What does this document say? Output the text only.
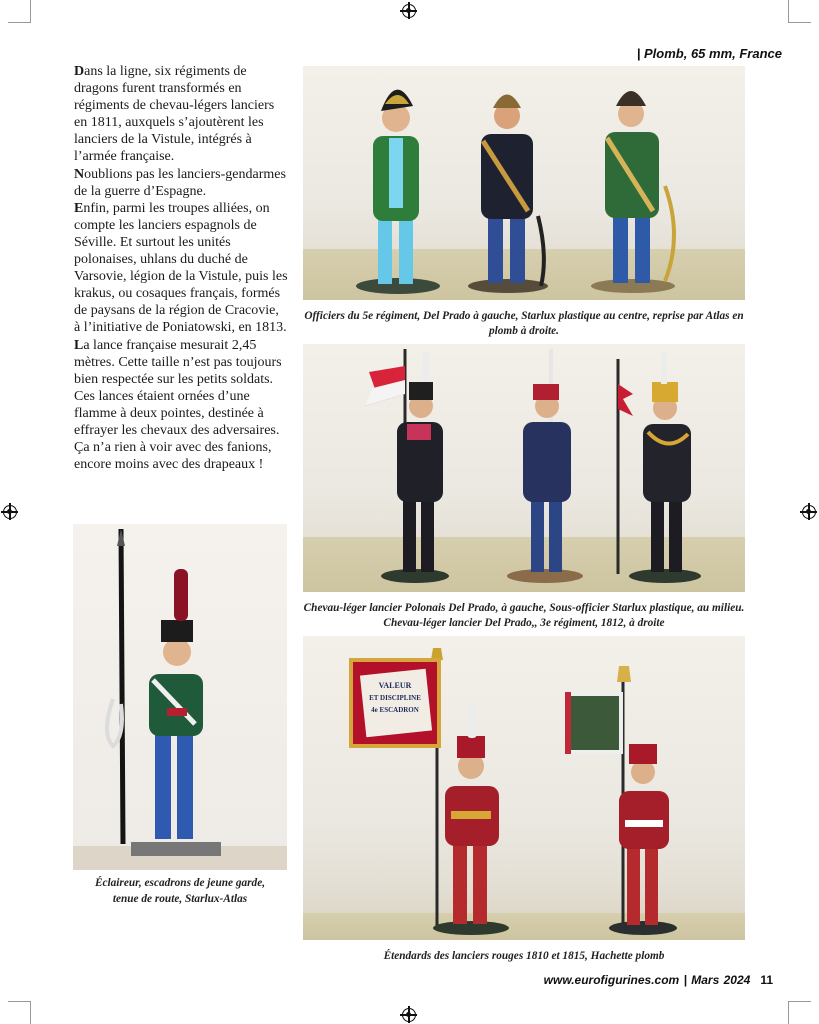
| Plomb, 65 mm, France

Dans la ligne, six régiments de dragons furent transformés en régiments de chevau-légers lanciers en 1811, auxquels s’ajoutèrent les lanciers de la Vistule, intégrés à l’armée française.

Noublions pas les lanciers-gendarmes de la guerre d’Espagne.

Enfin, parmi les troupes alliées, on compte les lanciers espagnols de Séville. Et surtout les unités polonaises, uhlans du duché de Varsovie, légion de la Vistule, puis les krakus, ou cosaques français, formés de paysans de la région de Cracovie, à l’initiative de Poniatowski, en 1813.

La lance française mesurait 2,45 mètres. Cette taille n’est pas toujours bien respectée sur les petits soldats. Ces lances étaient ornées d’une flamme à deux pointes, destinée à effrayer les chevaux des adversaires. Ça n’a rien à voir avec des fanions, encore moins avec des drapeaux !

Officiers du 5e régiment, Del Prado à gauche, Starlux plastique au centre, reprise par Atlas en plomb à droite.
Chevau-léger lancier Polonais Del Prado, à gauche, Sous-officier Starlux plastique, au milieu. Chevau-léger lancier Del Prado,, 3e régiment, 1812, à droite
Éclaireur, escadrons de jeune garde, tenue de route, Starlux-Atlas
VALEUR
ET DISCIPLINE
4e ESCADRON
Étendards des lanciers rouges 1810 et 1815, Hachette plomb
www.eurofigurines.com | Mars 2024 11
